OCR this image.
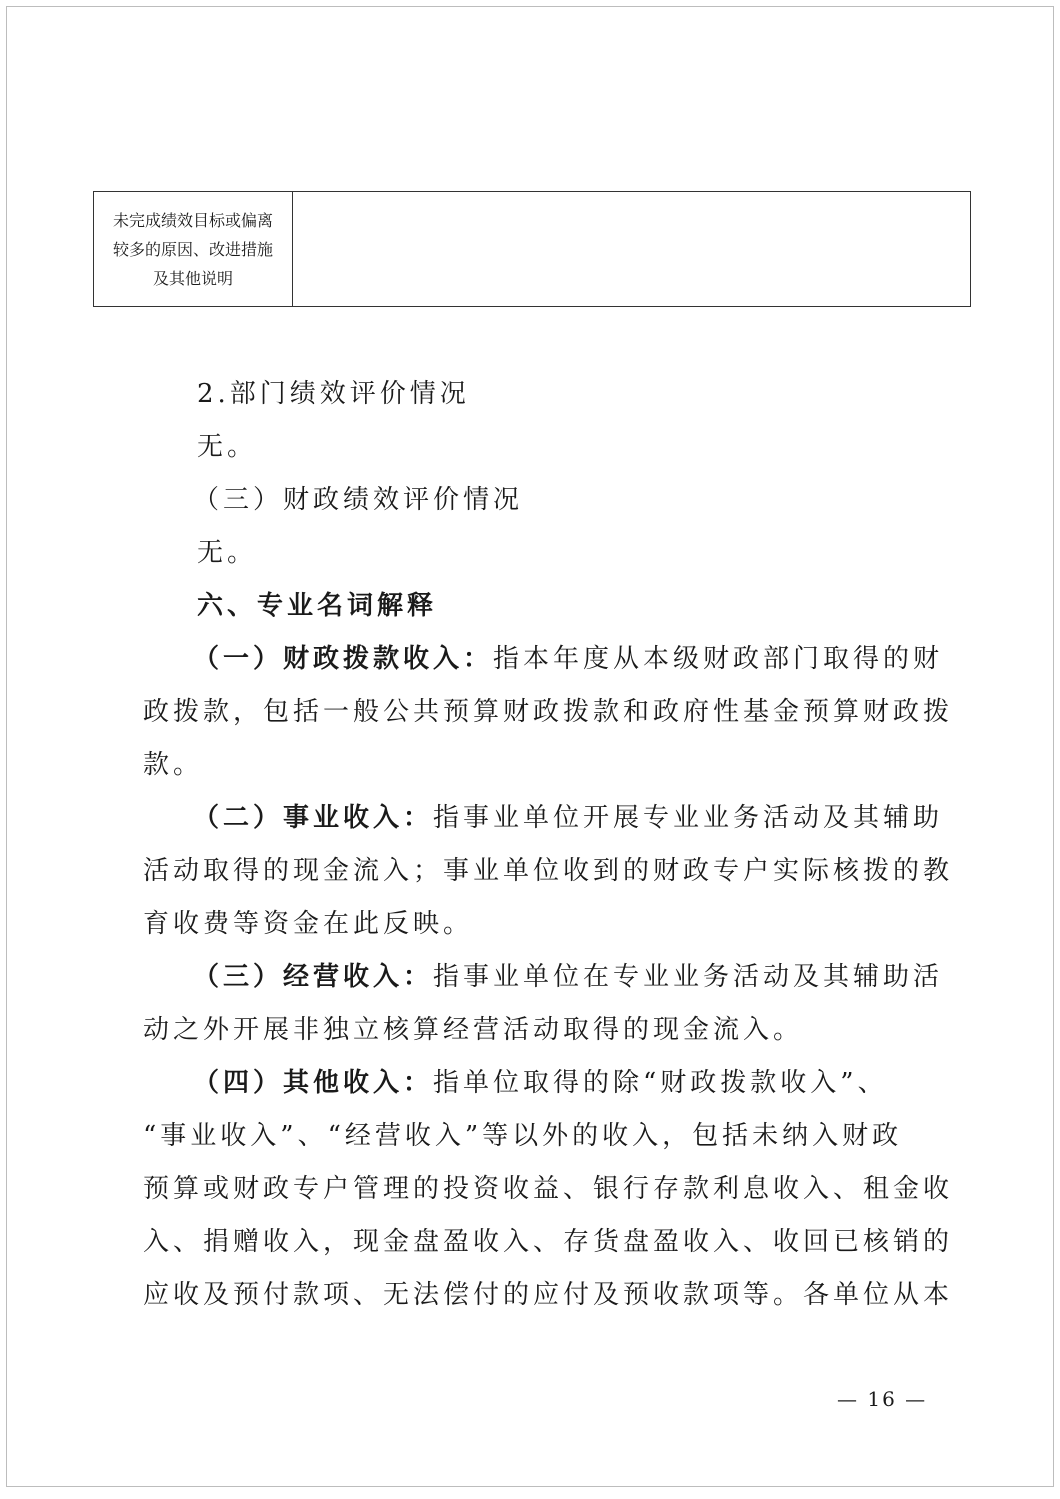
未完成绩效目标或偏离
较多的原因、改进措施
及其他说明
2.部门绩效评价情况
无。
（三）财政绩效评价情况
无。
六、专业名词解释
（一）财政拨款收入：指本年度从本级财政部门取得的财
政拨款，包括一般公共预算财政拨款和政府性基金预算财政拨
款。
（二）事业收入：指事业单位开展专业业务活动及其辅助
活动取得的现金流入；事业单位收到的财政专户实际核拨的教
育收费等资金在此反映。
（三）经营收入：指事业单位在专业业务活动及其辅助活
动之外开展非独立核算经营活动取得的现金流入。
（四）其他收入：指单位取得的除“财政拨款收入”、
“事业收入”、“经营收入”等以外的收入，包括未纳入财政
预算或财政专户管理的投资收益、银行存款利息收入、租金收
入、捐赠收入，现金盘盈收入、存货盘盈收入、收回已核销的
应收及预付款项、无法偿付的应付及预收款项等。各单位从本
— 16 —
